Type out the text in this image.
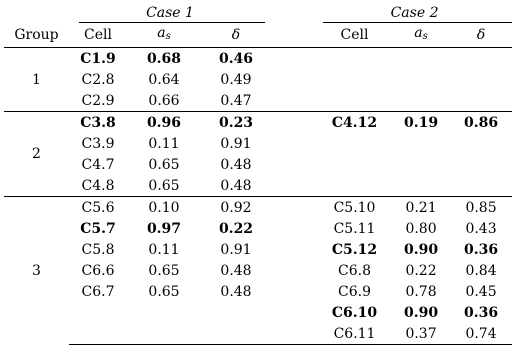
	Case 1				Case 2		

Group	Cell	$a_s$	δ		Cell	$a_s$	δ
1	C1.9	0.68	0.46				
	C2.8	0.64	0.49				
	C2.9	0.66	0.47				
2	C3.8	0.96	0.23		C4.12	0.19	0.86
	C3.9	0.11	0.91				
	C4.7	0.65	0.48				
	C4.8	0.65	0.48				
3	C5.6	0.10	0.92		C5.10	0.21	0.85
	C5.7	0.97	0.22		C5.11	0.80	0.43
	C5.8	0.11	0.91		C5.12	0.90	0.36
	C6.6	0.65	0.48		C6.8	0.22	0.84
	C6.7	0.65	0.48		C6.9	0.78	0.45
					C6.10	0.90	0.36
					C6.11	0.37	0.74
